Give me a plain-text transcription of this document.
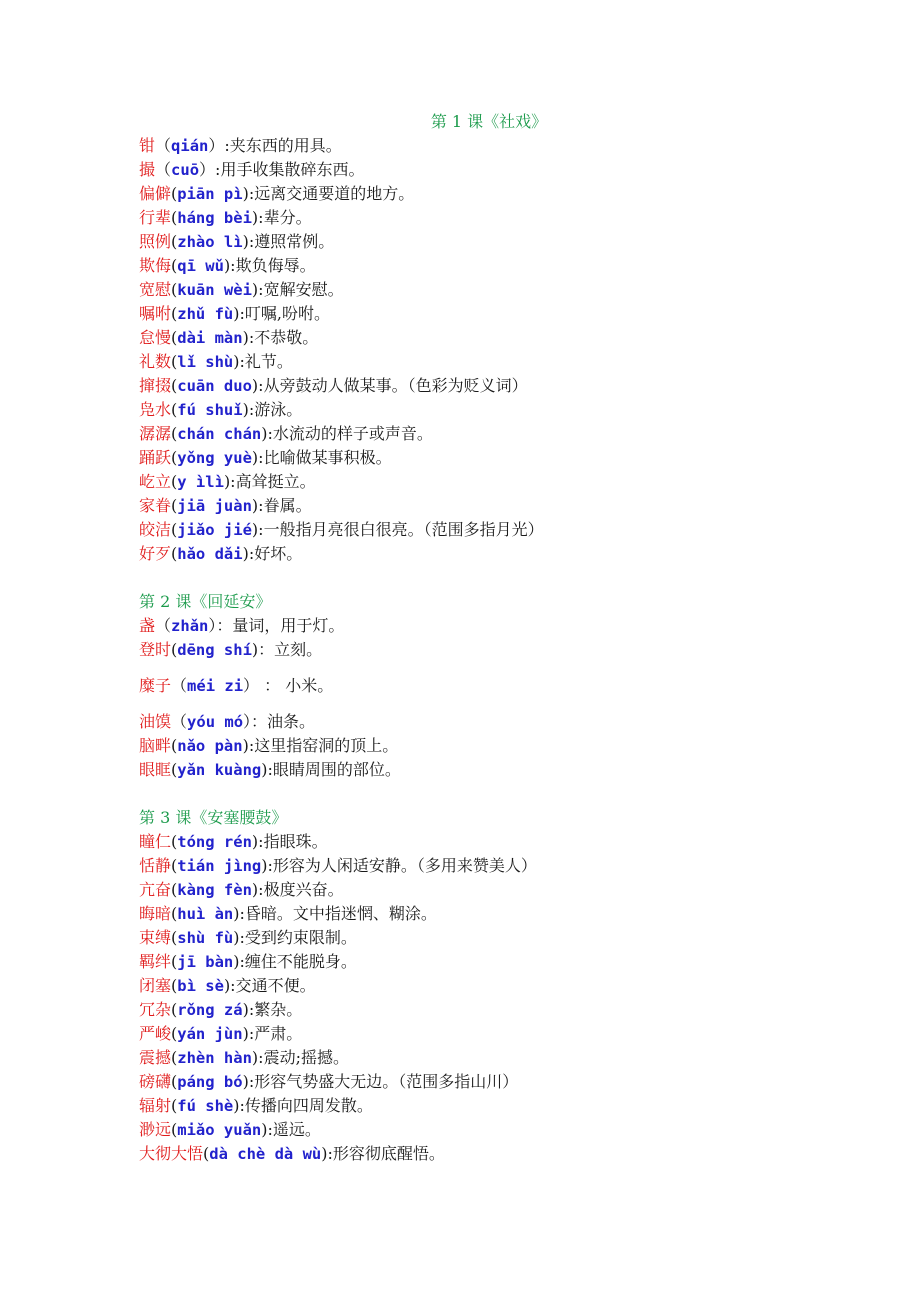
第 1 课《社戏》
钳（qián）:夹东西的用具。
撮（cuō）:用手收集散碎东西。
偏僻(piān pì):远离交通要道的地方。
行辈(háng bèi):辈分。
照例(zhào lì):遵照常例。
欺侮(qī wǔ):欺负侮辱。
宽慰(kuān wèi):宽解安慰。
嘱咐(zhǔ fù):叮嘱,吩咐。
怠慢(dài màn):不恭敬。
礼数(lǐ shù):礼节。
撺掇(cuān duo):从旁鼓动人做某事。（色彩为贬义词）
凫水(fú shuǐ):游泳。
潺潺(chán chán):水流动的样子或声音。
踊跃(yǒng yuè):比喻做某事积极。
屹立(y ìlì):高耸挺立。
家眷(jiā juàn):眷属。
皎洁(jiǎo jié):一般指月亮很白很亮。（范围多指月光）
好歹(hǎo dǎi):好坏。
第 2 课《回延安》
盏（zhǎn）：量词，用于灯。
登时(dēng shí)：立刻。
糜子（méi zi） ： 小米。
油馍（yóu mó）：油条。
脑畔(nǎo pàn):这里指窑洞的顶上。
眼眶(yǎn kuàng):眼睛周围的部位。
第 3 课《安塞腰鼓》
瞳仁(tóng rén):指眼珠。
恬静(tián jìng):形容为人闲适安静。（多用来赞美人）
亢奋(kàng fèn):极度兴奋。
晦暗(huì àn):昏暗。文中指迷惘、糊涂。
束缚(shù fù):受到约束限制。
羁绊(jī bàn):缠住不能脱身。
闭塞(bì sè):交通不便。
冗杂(rǒng zá):繁杂。
严峻(yán jùn):严肃。
震撼(zhèn hàn):震动;摇撼。
磅礴(páng bó):形容气势盛大无边。（范围多指山川）
辐射(fú shè):传播向四周发散。
渺远(miǎo yuǎn):遥远。
大彻大悟(dà chè dà wù):形容彻底醒悟。
